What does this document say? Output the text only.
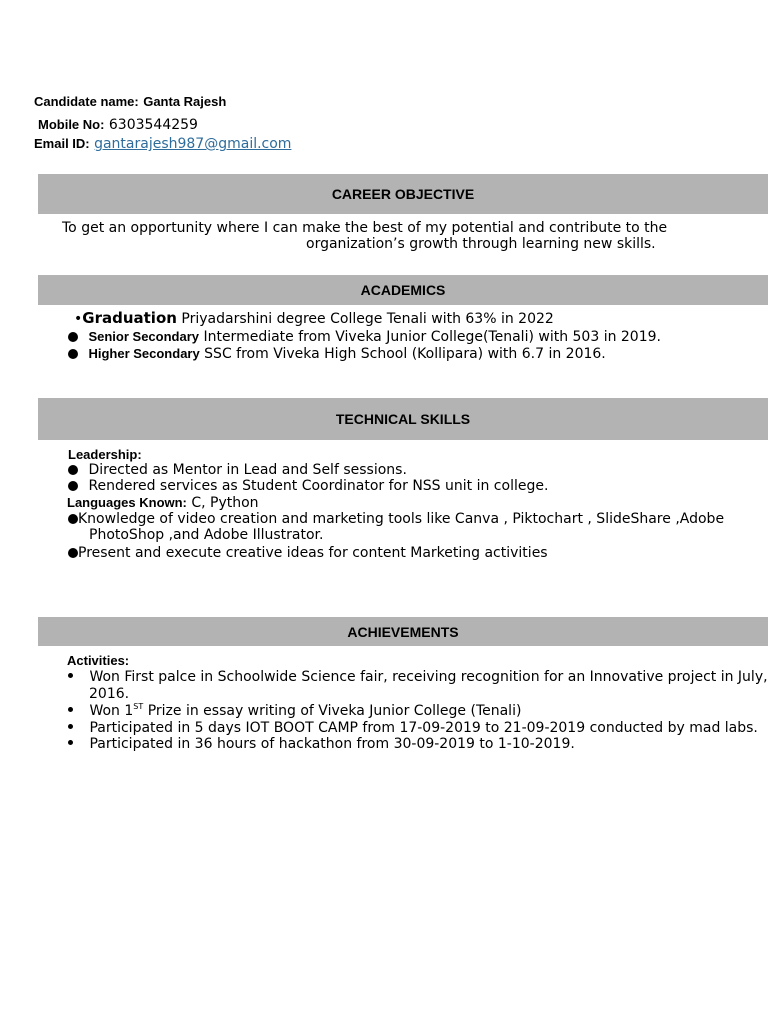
Candidate name: Ganta Rajesh
Mobile No: 6303544259
Email ID: gantarajesh987@gmail.com
CAREER OBJECTIVE
To get an opportunity where I can make the best of my potential and contribute to the
organization’s growth through learning new skills.
ACADEMICS
•Graduation Priyadarshini degree College Tenali with 63% in 2022
Senior Secondary Intermediate from Viveka Junior College(Tenali) with 503 in 2019.
Higher Secondary SSC from Viveka High School (Kollipara) with 6.7 in 2016.
TECHNICAL SKILLS
Leadership:
Directed as Mentor in Lead and Self sessions.
Rendered services as Student Coordinator for NSS unit in college.
Languages Known: C, Python
Knowledge of video creation and marketing tools like Canva , Piktochart , SlideShare ,Adobe
PhotoShop ,and Adobe Illustrator.
Present and execute creative ideas for content Marketing activities
ACHIEVEMENTS
Activities:
Won First palce in Schoolwide Science fair, receiving recognition for an Innovative project in July,
2016.
Won 1ST Prize in essay writing of Viveka Junior College (Tenali)
Participated in 5 days IOT BOOT CAMP from 17-09-2019 to 21-09-2019 conducted by mad labs.
Participated in 36 hours of hackathon from 30-09-2019 to 1-10-2019.
